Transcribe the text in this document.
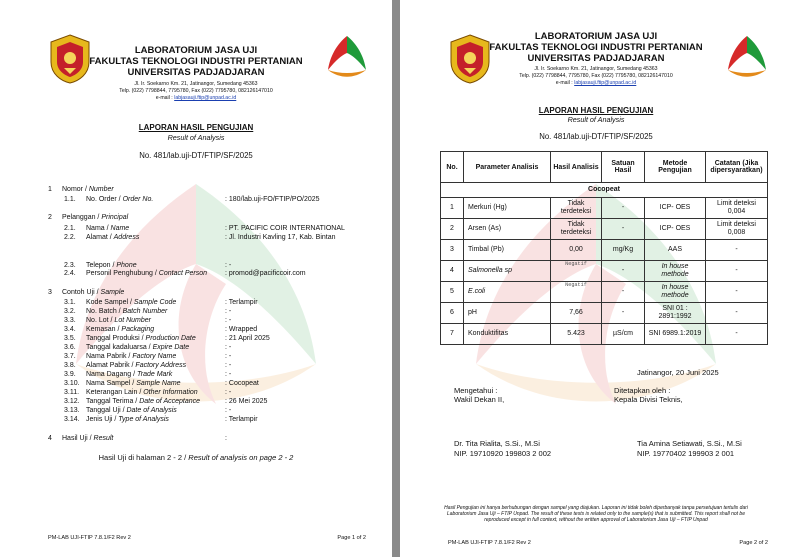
LABORATORIUM JASA UJI
FAKULTAS TEKNOLOGI INDUSTRI PERTANIAN
UNIVERSITAS PADJADJARAN
Jl. Ir. Soekarno Km. 21, Jatinangor, Sumedang 45363
Telp. (022) 7798844, 7795780, Fax (022) 7795780, 082126147010
e-mail : labjasauji.ftip@unpad.ac.id
LAPORAN HASIL PENGUJIAN
Result of Analysis
No. 481/lab.uji-DT/FTIP/SF/2025
1 Nomor / Number
1.1. No. Order / Order No.	: 180/lab.uji-FO/FTIP/PO/2025
2 Pelanggan / Principal
2.1. Nama / Name	: PT. PACIFIC COIR INTERNATIONAL
2.2. Alamat / Address	: Jl. Industri Kavling 17, Kab. Bintan
2.3. Telepon / Phone	: -
2.4. Personil Penghubung / Contact Person	: promod@pacificcoir.com
3 Contoh Uji / Sample
3.1. Kode Sampel / Sample Code	: Terlampir
3.2. No. Batch / Batch Number	: -
3.3. No. Lot / Lot Number	: -
3.4. Kemasan / Packaging	: Wrapped
3.5. Tanggal Produksi / Production Date	: 21 April 2025
3.6. Tanggal kadaluarsa / Expire Date	: -
3.7. Nama Pabrik / Factory Name	: -
3.8. Alamat Pabrik / Factory Address	: -
3.9. Nama Dagang / Trade Mark	: -
3.10. Nama Sampel / Sample Name	: Cocopeat
3.11. Keterangan Lain / Other Information	: -
3.12. Tanggal Terima / Date of Acceptance	: 26 Mei 2025
3.13. Tanggal Uji / Date of Analysis	: -
3.14. Jenis Uji / Type of Analysis	: Terlampir
4 Hasil Uji / Result	:
Hasil Uji di halaman 2 - 2 / Result of analysis on page 2 - 2
PM-LAB UJI-FTIP 7.8.1/F2 Rev 2	Page 1 of 2
LABORATORIUM JASA UJI
FAKULTAS TEKNOLOGI INDUSTRI PERTANIAN
UNIVERSITAS PADJADJARAN
Jl. Ir. Soekarno Km. 21, Jatinangor, Sumedang 45363
Telp. (022) 7798844, 7795780, Fax (022) 7795780, 082126147010
e-mail : labjasauji.ftip@unpad.ac.id
LAPORAN HASIL PENGUJIAN
Result of Analysis
No. 481/lab.uji-DT/FTIP/SF/2025
No.	Parameter Analisis	Hasil Analisis	Satuan Hasil	Metode Pengujian	Catatan (Jika dipersyaratkan)
Cocopeat					
1	Merkuri (Hg)	Tidak terdeteksi	-	ICP- OES	Limit deteksi 0,004
2	Arsen (As)	Tidak terdeteksi	-	ICP- OES	Limit deteksi 0,008
3	Timbal (Pb)	0,00	mg/Kg	AAS	-
4	Salmonella sp	Negatif	-	In house methode	-
5	E.coli	Negatif	-	In house methode	-
6	pH	7,66	-	SNI 01 : 2891:1992	-
7	Konduktifitas	5.423	µS/cm	SNI 6989.1:2019	-
Jatinangor, 20 Juni 2025
Mengetahui :
Wakil Dekan II,
Ditetapkan oleh :
Kepala Divisi Teknis,
Dr. Tita Rialita, S.Si., M.Si
NIP. 19710920 199803 2 002
Tia Amina Setiawati, S.Si., M.Si
NIP. 19770402 199903 2 001
Hasil Pengujian ini hanya berhubungan dengan sampel yang diajukan. Laporan ini tidak boleh diperbanyak tanpa persetujuan tertulis dari Laboratorium Jasa Uji – FTIP Unpad. The result of these tests is related only to the sample(s) that is submitted. This report shall not be reproduced except in full context, without the written approval of Laboratorium Jasa Uji – FTIP Unpad
PM-LAB UJI-FTIP 7.8.1/F2 Rev 2	Page 2 of 2
